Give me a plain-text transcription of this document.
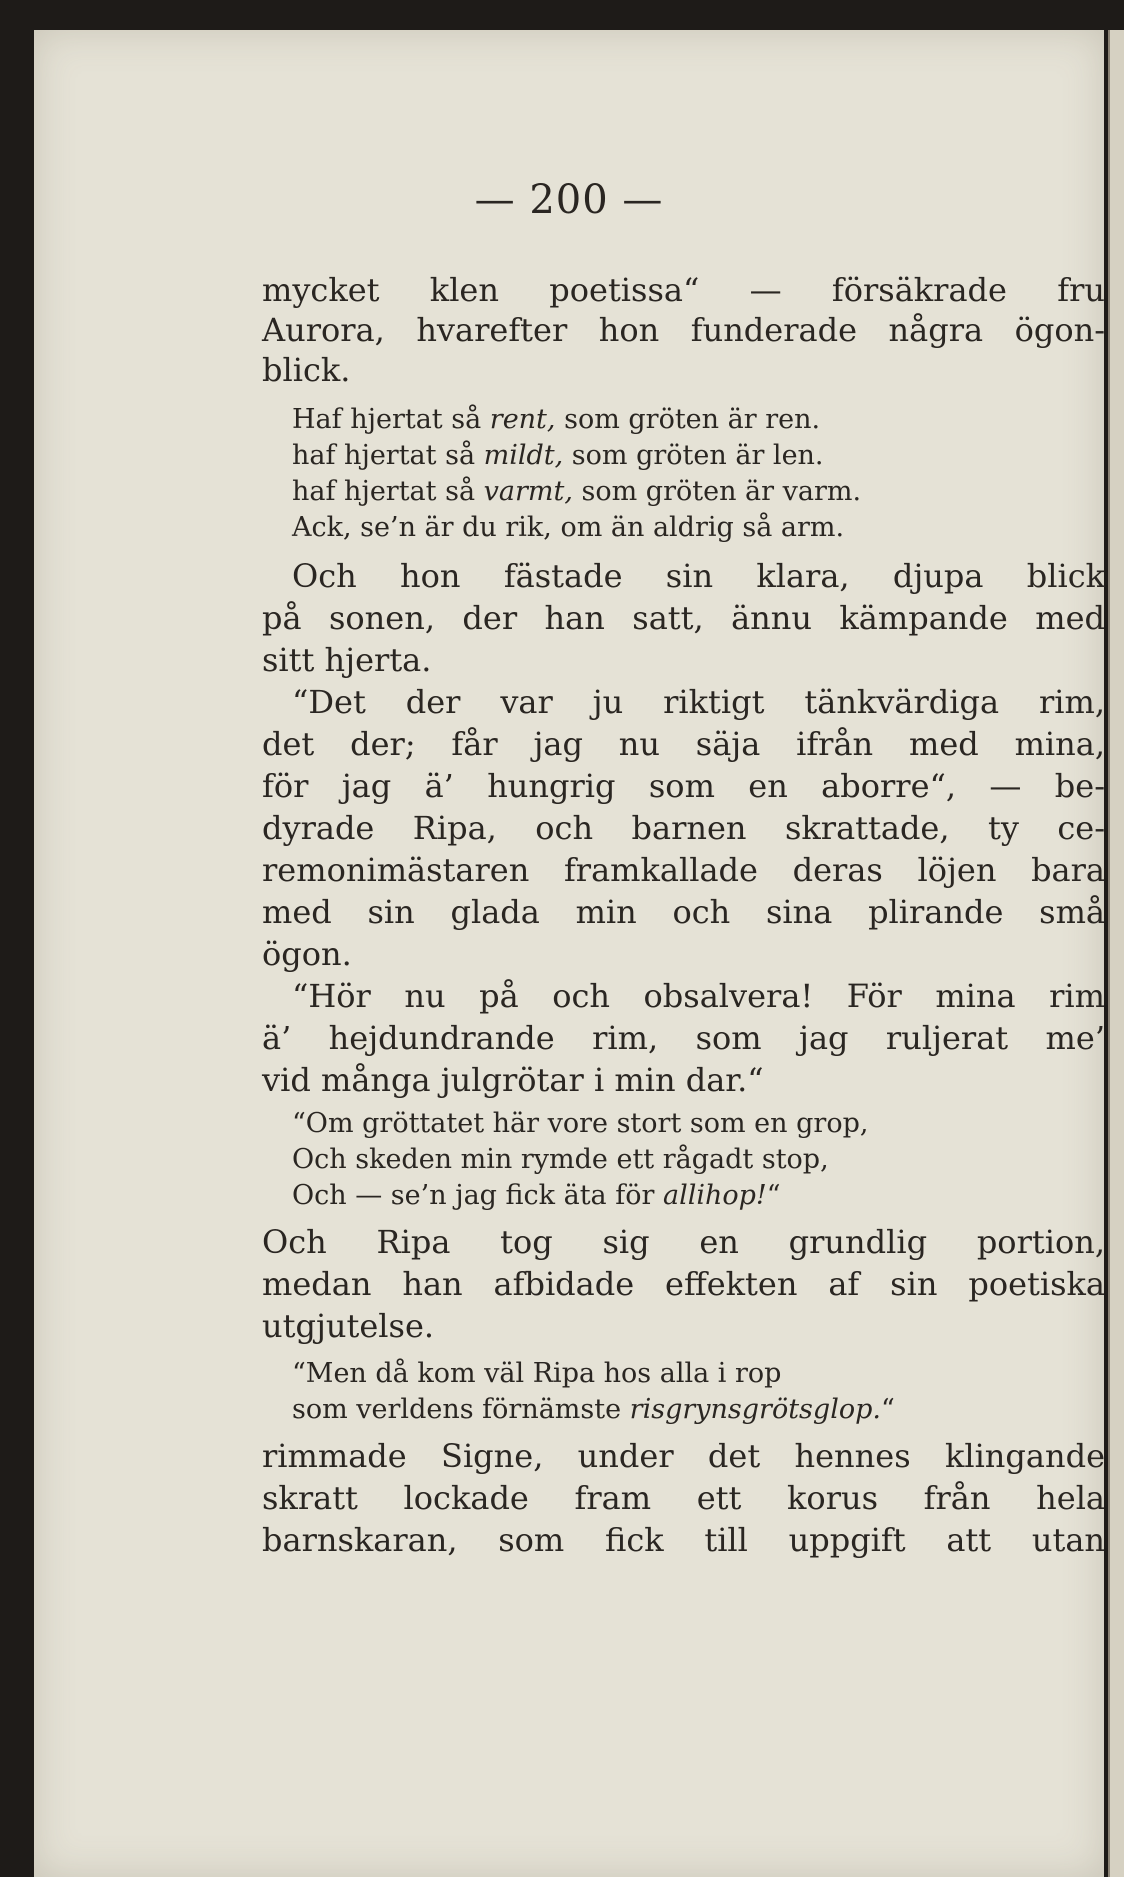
— 200 —
mycket klen poetissa“ — försäkrade fru
Aurora, hvarefter hon funderade några ögon-
blick.
Haf hjertat så rent, som gröten är ren.
haf hjertat så mildt, som gröten är len.
haf hjertat så varmt, som gröten är varm.
Ack, se’n är du rik, om än aldrig så arm.
Och hon fästade sin klara, djupa blick
på sonen, der han satt, ännu kämpande med
sitt hjerta.
“Det der var ju riktigt tänkvärdiga rim,
det der; får jag nu säja ifrån med mina,
för jag ä’ hungrig som en aborre“, — be-
dyrade Ripa, och barnen skrattade, ty ce-
remonimästaren framkallade deras löjen bara
med sin glada min och sina plirande små
ögon.
“Hör nu på och obsalvera! För mina rim
ä’ hejdundrande rim, som jag ruljerat me’
vid många julgrötar i min dar.“
“Om gröttatet här vore stort som en grop,
Och skeden min rymde ett rågadt stop,
Och — se’n jag fick äta för allihop!“
Och Ripa tog sig en grundlig portion,
medan han afbidade effekten af sin poetiska
utgjutelse.
“Men då kom väl Ripa hos alla i rop
som verldens förnämste risgrynsgrötsglop.“
rimmade Signe, under det hennes klingande
skratt lockade fram ett korus från hela
barnskaran, som fick till uppgift att utan
